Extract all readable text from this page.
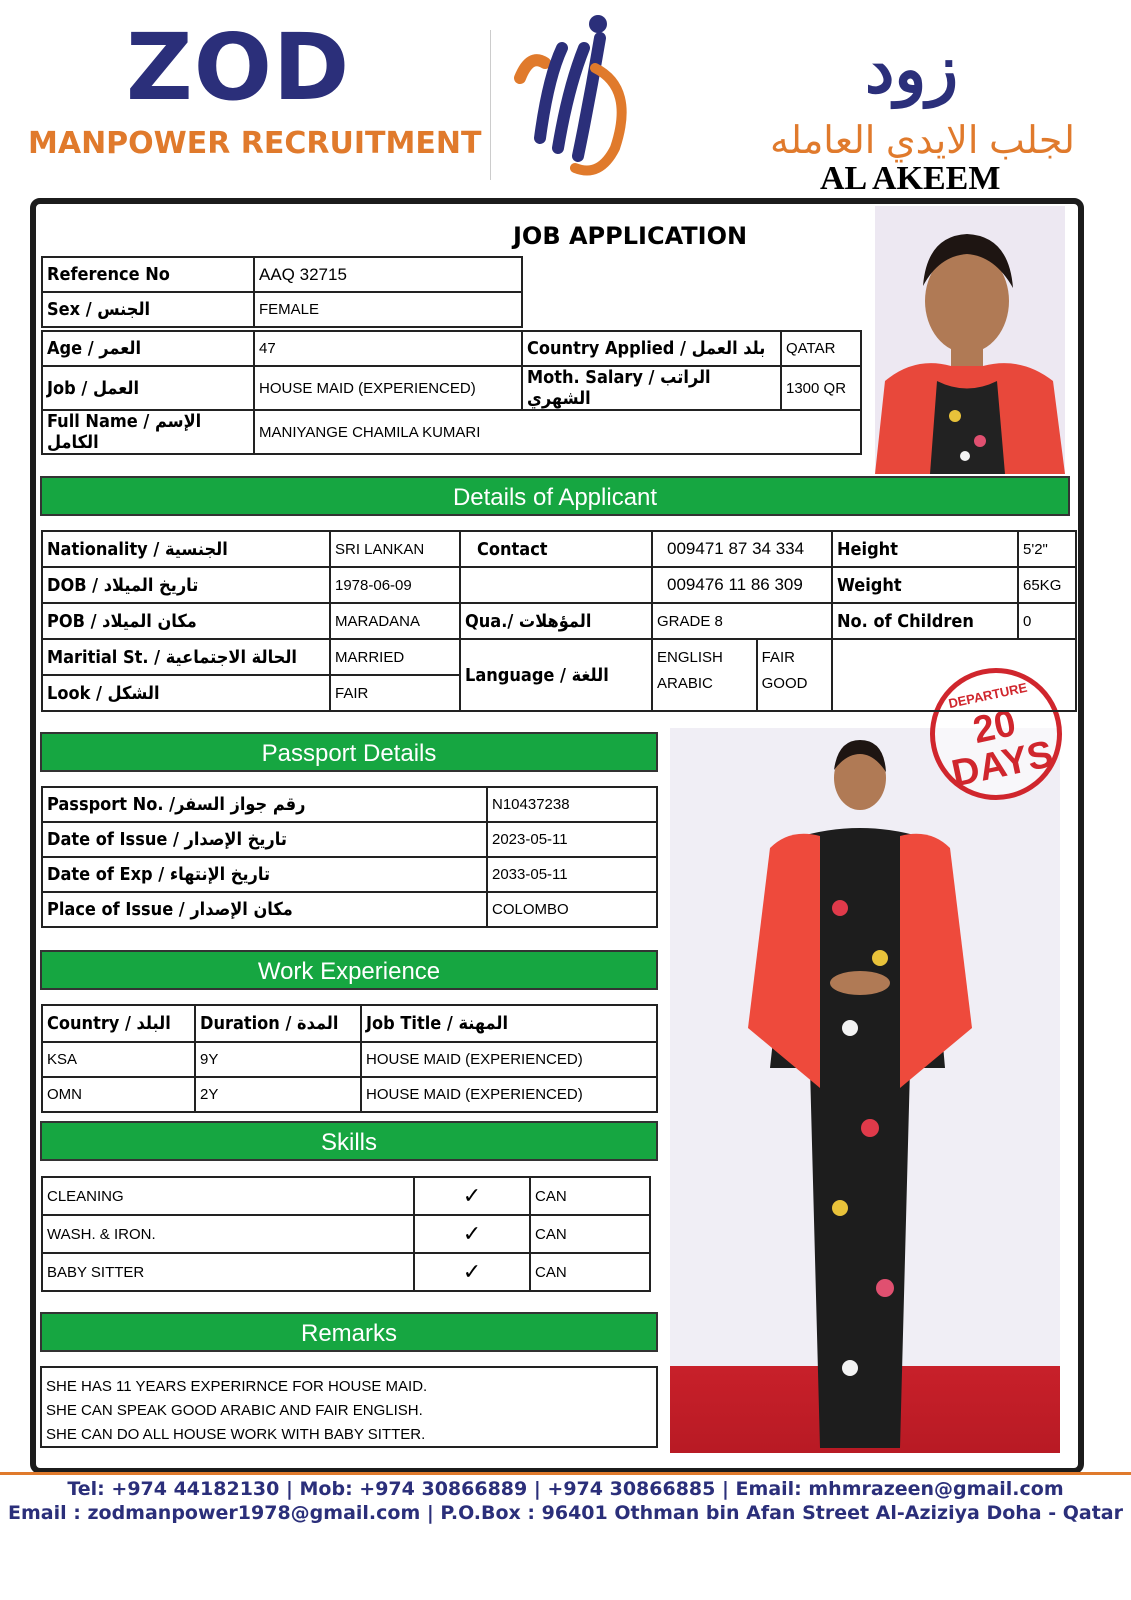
ZOD
MANPOWER RECRUITMENT
زود
لجلب الايدي العامله
AL AKEEM
JOB APPLICATION
DEPARTURE
20 DAYS
Reference No	AAQ 32715
Sex / الجنس	FEMALE
Age / العمر	47	Country Applied / بلد العمل	QATAR
Job / العمل	HOUSE MAID (EXPERIENCED)	Moth. Salary / الراتب الشهري	1300 QR
Full Name / الإسم الكامل	MANIYANGE CHAMILA KUMARI		
Details of Applicant
Nationality / الجنسية	SRI LANKAN	Contact	009471 87 34 334		Height	5'2"
DOB / تاريخ الميلاد	1978-06-09		009476 11 86 309		Weight	65KG
POB / مكان الميلاد	MARADANA	Qua./ المؤهلات	GRADE 8		No. of Children	0
Maritial St. / الحالة الاجتماعية	MARRIED	Language / اللغة	ENGLISH	FAIR		
Look / الشكل	FAIR		ARABIC	GOOD		
Passport Details
Passport No. /رقم جواز السفر	N10437238
Date of Issue / تاريخ الإصدار	2023-05-11
Date of Exp / تاريخ الإنتهاء	2033-05-11
Place of Issue / مكان الإصدار	COLOMBO
Work Experience
Country / البلد	Duration / المدة	Job Title / المهنة
KSA	9Y	HOUSE MAID (EXPERIENCED)
OMN	2Y	HOUSE MAID (EXPERIENCED)
Skills
CLEANING	✓	CAN
WASH. & IRON.	✓	CAN
BABY SITTER	✓	CAN
Remarks
SHE HAS 11 YEARS EXPERIRNCE FOR HOUSE MAID.
SHE CAN SPEAK GOOD ARABIC AND FAIR ENGLISH.
SHE CAN DO ALL HOUSE WORK WITH BABY SITTER.
Tel: +974 44182130 | Mob: +974 30866889 | +974 30866885 | Email: mhmrazeen@gmail.com
Email : zodmanpower1978@gmail.com | P.O.Box : 96401 Othman bin Afan Street Al-Aziziya Doha - Qatar
